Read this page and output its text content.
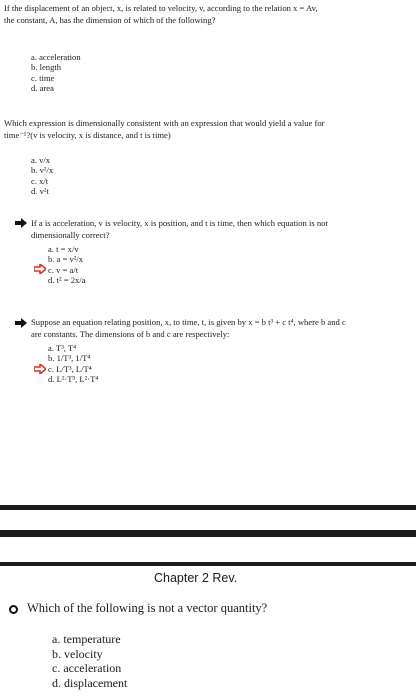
If the displacement of an object, x, is related to velocity, v, according to the relation x = Av,
the constant, A, has the dimension of which of the following?
a. acceleration
b. length
c. time
d. area
Which expression is dimensionally consistent with an expression that would yield a value for
time⁻¹?(v is velocity, x is distance, and t is time)
a. v/x
b. v²/x
c. x/t
d. v²t
If a is acceleration, v is velocity, x is position, and t is time, then which equation is not
dimensionally correct?
a. t = x/v
b. a = v²/x
c. v = a/t
d. t² = 2x/a
Suppose an equation relating position, x, to time, t, is given by x = b t³ + c t⁴, where b and c
are constants. The dimensions of b and c are respectively:
a. T³, T⁴
b. 1/T³, 1/T⁴
c. L/T³, L/T⁴
d. L²·T³, L²·T⁴
Chapter 2 Rev.
Which of the following is not a vector quantity?
a. temperature
b. velocity
c. acceleration
d. displacement
